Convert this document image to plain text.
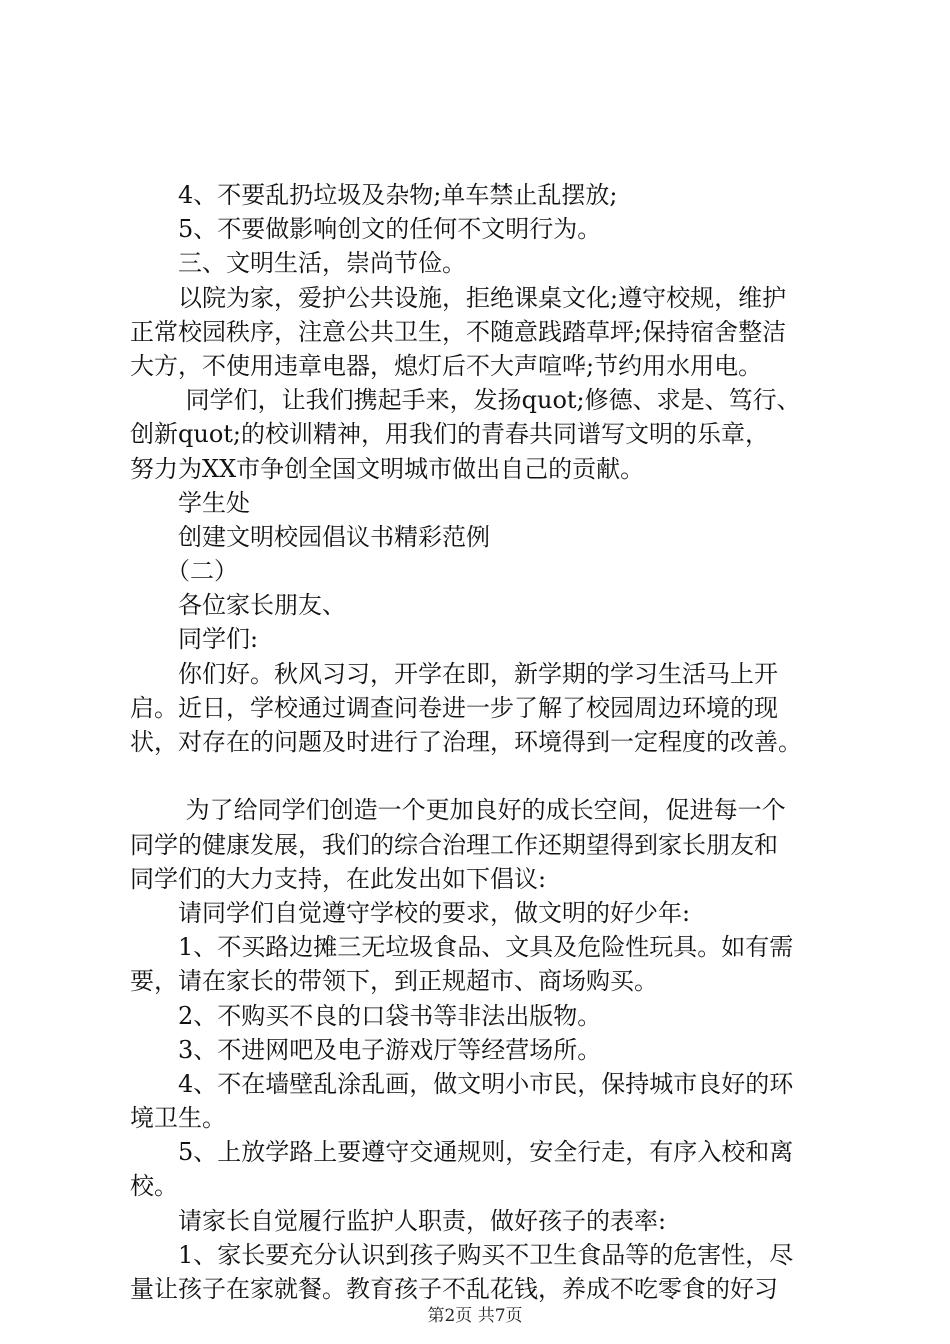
　　4、不要乱扔垃圾及杂物;单车禁止乱摆放;
　　5、不要做影响创文的任何不文明行为。
　　三、文明生活，崇尚节俭。
　　以院为家，爱护公共设施，拒绝课桌文化;遵守校规，维护
正常校园秩序，注意公共卫生，不随意践踏草坪;保持宿舍整洁
大方，不使用违章电器，熄灯后不大声喧哗;节约用水用电。
　　 同学们，让我们携起手来，发扬quot;修德、求是、笃行、
创新quot;的校训精神，用我们的青春共同谱写文明的乐章，
努力为XX市争创全国文明城市做出自己的贡献。
　　学生处
　　创建文明校园倡议书精彩范例
　　（二）
　　各位家长朋友、
　　同学们:
　　你们好。秋风习习，开学在即，新学期的学习生活马上开
启。近日，学校通过调查问卷进一步了解了校园周边环境的现
状，对存在的问题及时进行了治理，环境得到一定程度的改善。
　　 为了给同学们创造一个更加良好的成长空间，促进每一个
同学的健康发展，我们的综合治理工作还期望得到家长朋友和
同学们的大力支持，在此发出如下倡议:
　　请同学们自觉遵守学校的要求，做文明的好少年:
　　1、不买路边摊三无垃圾食品、文具及危险性玩具。如有需
要，请在家长的带领下，到正规超市、商场购买。
　　2、不购买不良的口袋书等非法出版物。
　　3、不进网吧及电子游戏厅等经营场所。
　　4、不在墙壁乱涂乱画，做文明小市民，保持城市良好的环
境卫生。
　　5、上放学路上要遵守交通规则，安全行走，有序入校和离
校。
　　请家长自觉履行监护人职责，做好孩子的表率:
　　1、家长要充分认识到孩子购买不卫生食品等的危害性，尽
量让孩子在家就餐。教育孩子不乱花钱，养成不吃零食的好习
第2页 共7页
